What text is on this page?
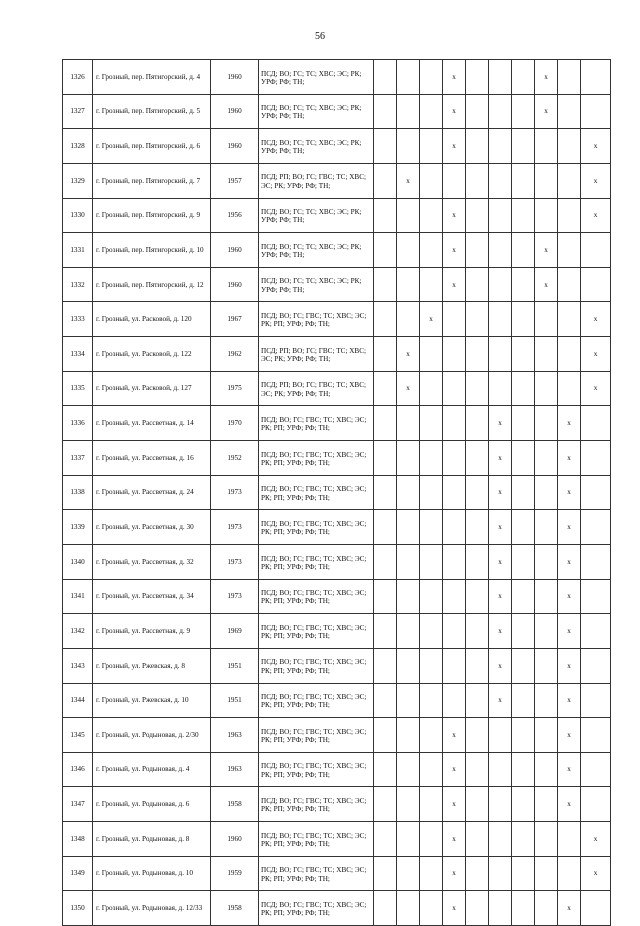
56
1326	г. Грозный, пер. Пятигорский, д. 4	1960	ПСД; ВО; ГС; ТС; ХВС; ЭС; РК; УРФ; РФ; ТН;				х				х		
1327	г. Грозный, пер. Пятигорский, д. 5	1960	ПСД; ВО; ГС; ТС; ХВС; ЭС; РК; УРФ; РФ; ТН;				х				х		
1328	г. Грозный, пер. Пятигорский, д. 6	1960	ПСД; ВО; ГС; ТС; ХВС; ЭС; РК; УРФ; РФ; ТН;				х						х
1329	г. Грозный, пер. Пятигорский, д. 7	1957	ПСД; РП; ВО; ГС; ГВС; ТС; ХВС; ЭС; РК; УРФ; РФ; ТН;		х								х
1330	г. Грозный, пер. Пятигорский, д. 9	1956	ПСД; ВО; ГС; ТС; ХВС; ЭС; РК; УРФ; РФ; ТН;				х						х
1331	г. Грозный, пер. Пятигорский, д. 10	1960	ПСД; ВО; ГС; ТС; ХВС; ЭС; РК; УРФ; РФ; ТН;				х				х		
1332	г. Грозный, пер. Пятигорский, д. 12	1960	ПСД; ВО; ГС; ТС; ХВС; ЭС; РК; УРФ; РФ; ТН;				х				х		
1333	г. Грозный, ул. Расковой, д. 120	1967	ПСД; ВО; ГС; ГВС; ТС; ХВС; ЭС; РК; РП; УРФ; РФ; ТН;			х							х
1334	г. Грозный, ул. Расковой, д. 122	1962	ПСД; РП; ВО; ГС; ГВС; ТС; ХВС; ЭС; РК; УРФ; РФ; ТН;		х								х
1335	г. Грозный, ул. Расковой, д. 127	1975	ПСД; РП; ВО; ГС; ГВС; ТС; ХВС; ЭС; РК; УРФ; РФ; ТН;		х								х
1336	г. Грозный, ул. Рассветная, д. 14	1970	ПСД; ВО; ГС; ГВС; ТС; ХВС; ЭС; РК; РП; УРФ; РФ; ТН;						х			х	
1337	г. Грозный, ул. Рассветная, д. 16	1952	ПСД; ВО; ГС; ГВС; ТС; ХВС; ЭС; РК; РП; УРФ; РФ; ТН;						х			х	
1338	г. Грозный, ул. Рассветная, д. 24	1973	ПСД; ВО; ГС; ГВС; ТС; ХВС; ЭС; РК; РП; УРФ; РФ; ТН;						х			х	
1339	г. Грозный, ул. Рассветная, д. 30	1973	ПСД; ВО; ГС; ГВС; ТС; ХВС; ЭС; РК; РП; УРФ; РФ; ТН;						х			х	
1340	г. Грозный, ул. Рассветная, д. 32	1973	ПСД; ВО; ГС; ГВС; ТС; ХВС; ЭС; РК; РП; УРФ; РФ; ТН;						х			х	
1341	г. Грозный, ул. Рассветная, д. 34	1973	ПСД; ВО; ГС; ГВС; ТС; ХВС; ЭС; РК; РП; УРФ; РФ; ТН;						х			х	
1342	г. Грозный, ул. Рассветная, д. 9	1969	ПСД; ВО; ГС; ГВС; ТС; ХВС; ЭС; РК; РП; УРФ; РФ; ТН;						х			х	
1343	г. Грозный, ул. Ржевская, д. 8	1951	ПСД; ВО; ГС; ГВС; ТС; ХВС; ЭС; РК; РП; УРФ; РФ; ТН;						х			х	
1344	г. Грозный, ул. Ржевская, д. 10	1951	ПСД; ВО; ГС; ГВС; ТС; ХВС; ЭС; РК; РП; УРФ; РФ; ТН;						х			х	
1345	г. Грозный, ул. Родыновая, д. 2/30	1963	ПСД; ВО; ГС; ГВС; ТС; ХВС; ЭС; РК; РП; УРФ; РФ; ТН;				х					х	
1346	г. Грозный, ул. Родыновая, д. 4	1963	ПСД; ВО; ГС; ГВС; ТС; ХВС; ЭС; РК; РП; УРФ; РФ; ТН;				х					х	
1347	г. Грозный, ул. Родыновая, д. 6	1958	ПСД; ВО; ГС; ГВС; ТС; ХВС; ЭС; РК; РП; УРФ; РФ; ТН;				х					х	
1348	г. Грозный, ул. Родыновая, д. 8	1960	ПСД; ВО; ГС; ГВС; ТС; ХВС; ЭС; РК; РП; УРФ; РФ; ТН;				х						х
1349	г. Грозный, ул. Родыновая, д. 10	1959	ПСД; ВО; ГС; ГВС; ТС; ХВС; ЭС; РК; РП; УРФ; РФ; ТН;				х						х
1350	г. Грозный, ул. Родыновая, д. 12/33	1958	ПСД; ВО; ГС; ГВС; ТС; ХВС; ЭС; РК; РП; УРФ; РФ; ТН;				х					х	
